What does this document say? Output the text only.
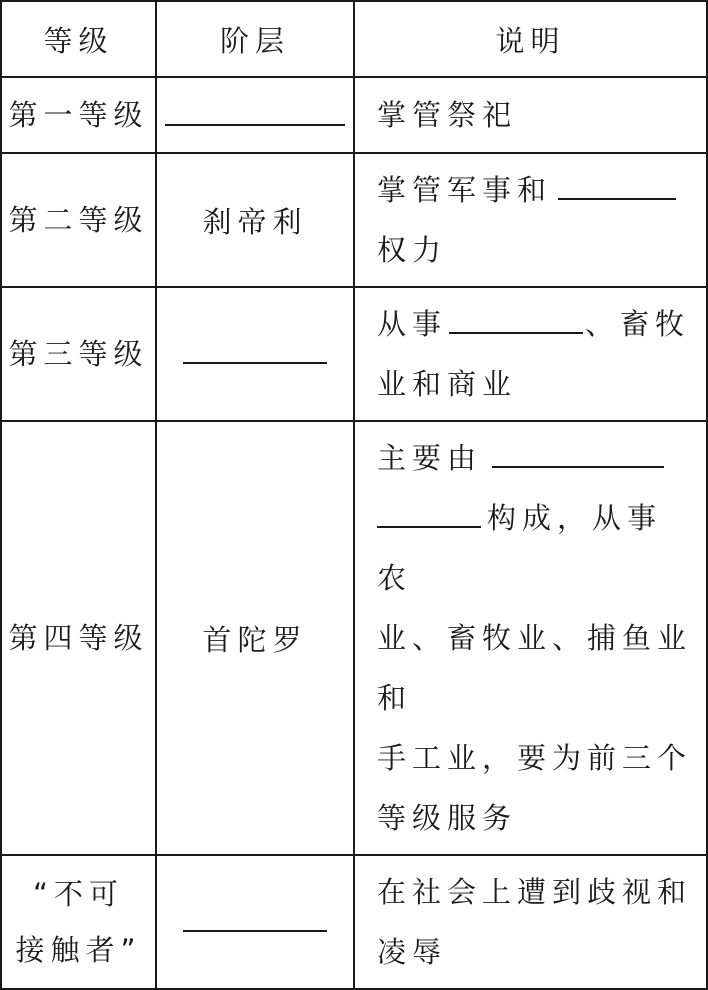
等级	阶层	说明
第一等级		掌管祭祀
第二等级	刹帝利	掌管军事和
权力
第三等级		从事 、畜牧
业和商业
第四等级	首陀罗	主要由
构成，从事农
业、畜牧业、捕鱼业和
手工业，要为前三个
等级服务
“不可
接触者”		在社会上遭到歧视和
凌辱
